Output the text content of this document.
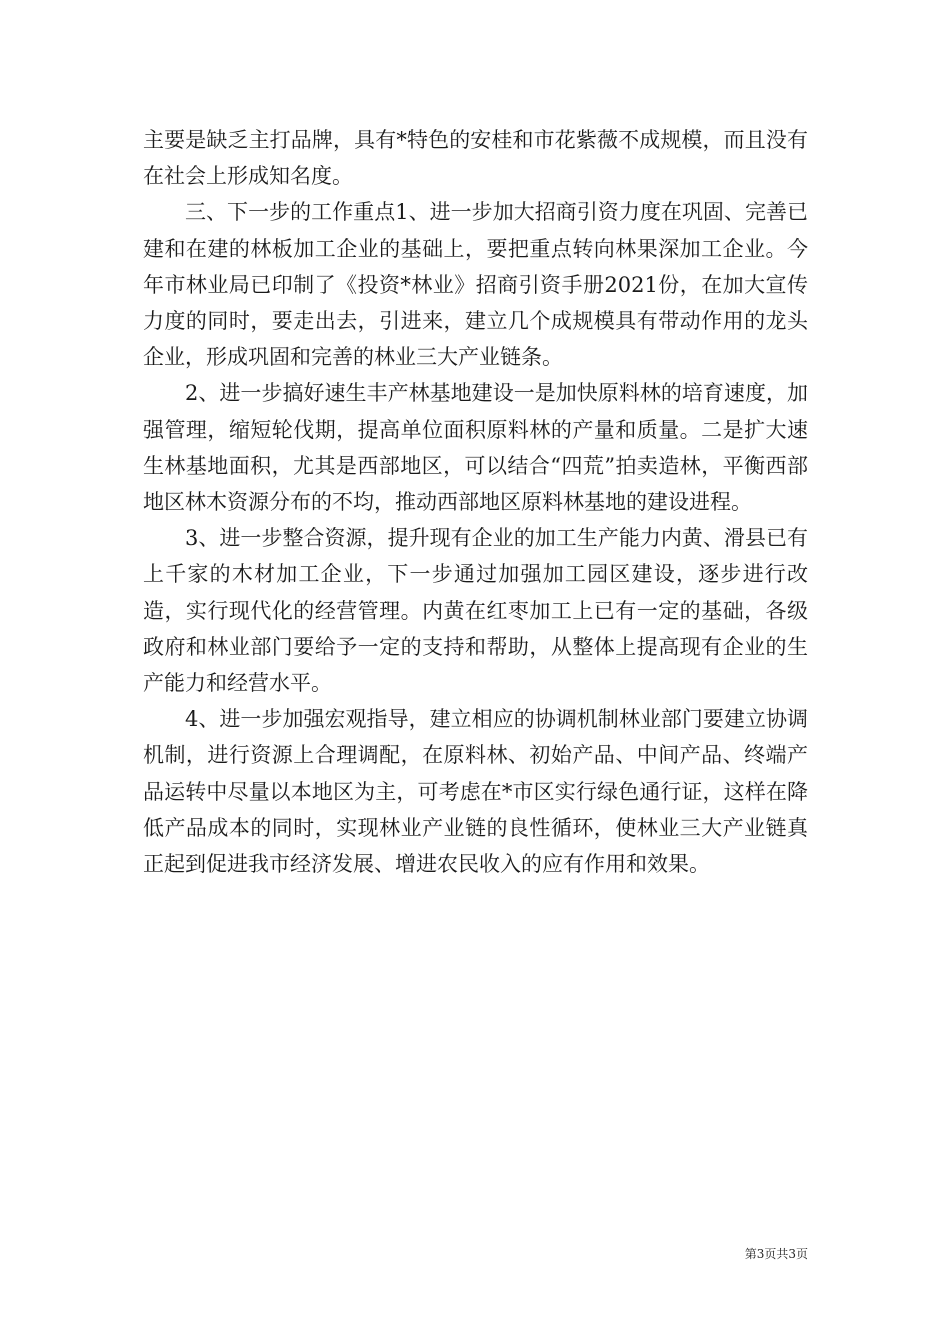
主要是缺乏主打品牌，具有*特色的安桂和市花紫薇不成规模，而且没有在社会上形成知名度。

三、下一步的工作重点1、进一步加大招商引资力度在巩固、完善已建和在建的林板加工企业的基础上，要把重点转向林果深加工企业。今年市林业局已印制了《投资*林业》招商引资手册2021份，在加大宣传力度的同时，要走出去，引进来，建立几个成规模具有带动作用的龙头企业，形成巩固和完善的林业三大产业链条。

2、进一步搞好速生丰产林基地建设一是加快原料林的培育速度，加强管理，缩短轮伐期，提高单位面积原料林的产量和质量。二是扩大速生林基地面积，尤其是西部地区，可以结合“四荒”拍卖造林，平衡西部地区林木资源分布的不均，推动西部地区原料林基地的建设进程。

3、进一步整合资源，提升现有企业的加工生产能力内黄、滑县已有上千家的木材加工企业，下一步通过加强加工园区建设，逐步进行改造，实行现代化的经营管理。内黄在红枣加工上已有一定的基础，各级政府和林业部门要给予一定的支持和帮助，从整体上提高现有企业的生产能力和经营水平。

4、进一步加强宏观指导，建立相应的协调机制林业部门要建立协调机制，进行资源上合理调配，在原料林、初始产品、中间产品、终端产品运转中尽量以本地区为主，可考虑在*市区实行绿色通行证，这样在降低产品成本的同时，实现林业产业链的良性循环，使林业三大产业链真正起到促进我市经济发展、增进农民收入的应有作用和效果。

第3页共3页
